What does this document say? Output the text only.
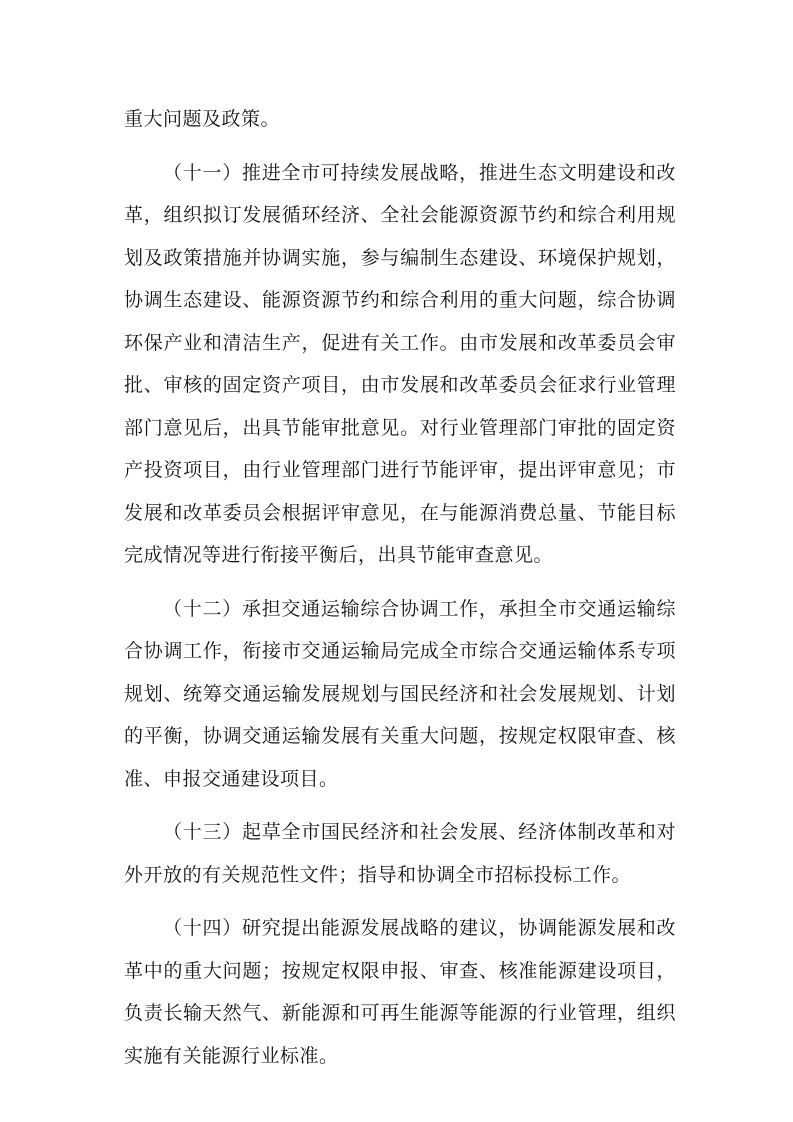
重大问题及政策。

（十一）推进全市可持续发展战略，推进生态文明建设和改革，组织拟订发展循环经济、全社会能源资源节约和综合利用规划及政策措施并协调实施，参与编制生态建设、环境保护规划，协调生态建设、能源资源节约和综合利用的重大问题，综合协调环保产业和清洁生产，促进有关工作。由市发展和改革委员会审批、审核的固定资产项目，由市发展和改革委员会征求行业管理部门意见后，出具节能审批意见。对行业管理部门审批的固定资产投资项目，由行业管理部门进行节能评审，提出评审意见；市发展和改革委员会根据评审意见，在与能源消费总量、节能目标完成情况等进行衔接平衡后，出具节能审查意见。

（十二）承担交通运输综合协调工作，承担全市交通运输综合协调工作，衔接市交通运输局完成全市综合交通运输体系专项规划、统筹交通运输发展规划与国民经济和社会发展规划、计划的平衡，协调交通运输发展有关重大问题，按规定权限审查、核准、申报交通建设项目。

（十三）起草全市国民经济和社会发展、经济体制改革和对外开放的有关规范性文件；指导和协调全市招标投标工作。

（十四）研究提出能源发展战略的建议，协调能源发展和改革中的重大问题；按规定权限申报、审查、核准能源建设项目，负责长输天然气、新能源和可再生能源等能源的行业管理，组织实施有关能源行业标准。
